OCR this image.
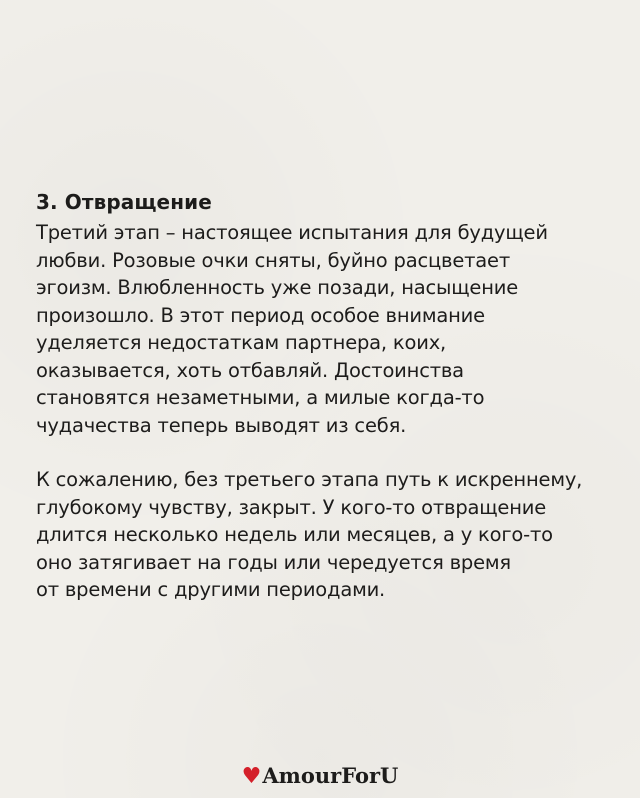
3. Отвращение

Третий этап – настоящее испытания для будущей
любви. Розовые очки сняты, буйно расцветает
эгоизм. Влюбленность уже позади, насыщение
произошло. В этот период особое внимание
уделяется недостаткам партнера, коих,
оказывается, хоть отбавляй. Достоинства
становятся незаметными, а милые когда-то
чудачества теперь выводят из себя.

К сожалению, без третьего этапа путь к искреннему,
глубокому чувству, закрыт. У кого-то отвращение
длится несколько недель или месяцев, а у кого-то
оно затягивает на годы или чередуется время
от времени с другими периодами.

♥AmourForU
